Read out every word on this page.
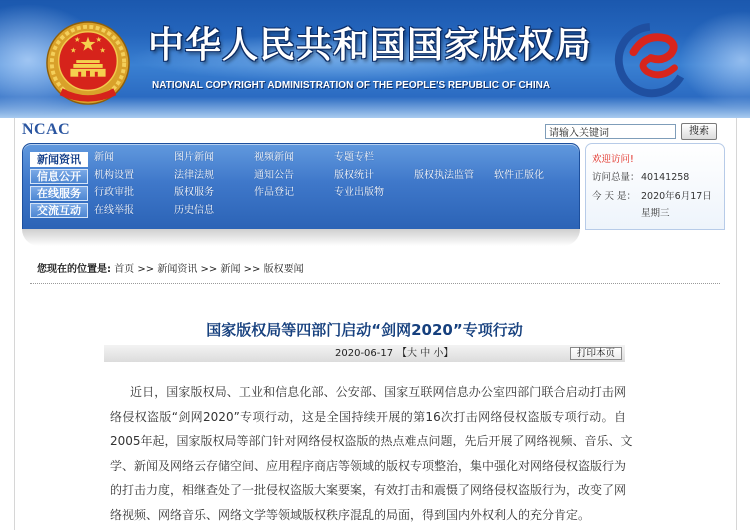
中华人民共和国国家版权局
NATIONAL COPYRIGHT ADMINISTRATION OF THE PEOPLE'S REPUBLIC OF CHINA
NCAC
请输入关键词	搜索
新闻资讯
信息公开
在线服务
交流互动
新闻	图片新闻	视频新闻	专题专栏
机构设置	法律法规	通知公告	版权统计	版权执法监管	软件正版化
行政审批	版权服务	作品登记	专业出版物
在线举报	历史信息
欢迎访问!
访问总量： 40141258
今 天 是： 2020年6月17日
星期三
您现在的位置是: 首页 >> 新闻资讯 >> 新闻 >> 版权要闻
国家版权局等四部门启动“剑网2020”专项行动
2020-06-17 【大 中 小】	打印本页
近日，国家版权局、工业和信息化部、公安部、国家互联网信息办公室四部门联合启动打击网
络侵权盗版“剑网2020”专项行动，这是全国持续开展的第16次打击网络侵权盗版专项行动。自
2005年起，国家版权局等部门针对网络侵权盗版的热点难点问题，先后开展了网络视频、音乐、文
学、新闻及网络云存储空间、应用程序商店等领域的版权专项整治，集中强化对网络侵权盗版行为
的打击力度，相继查处了一批侵权盗版大案要案，有效打击和震慑了网络侵权盗版行为，改变了网
络视频、网络音乐、网络文学等领域版权秩序混乱的局面，得到国内外权利人的充分肯定。
